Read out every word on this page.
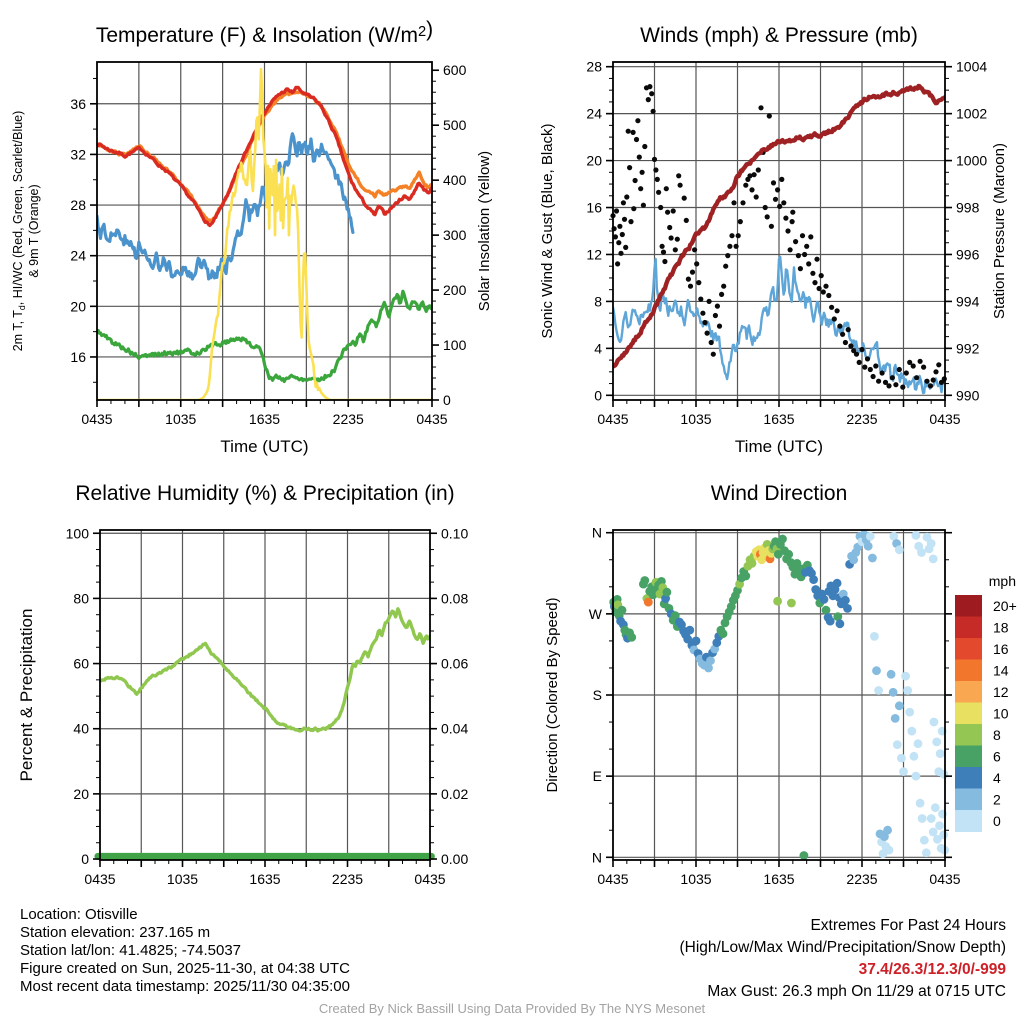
0435	1035	1635	2235	0435
Time (UTC)
16
20
24
28
32
36
0
100
200
300
400
500
600
Temperature (F) & Insolation $(W/m^2)$
2m T, $T_d$, HI/WC (Red, Green, Scarlet/Blue) & 9m T (Orange)	Solar Insolation (Yellow)
0435	1035	1635	2235	0435
Time (UTC)
0
4
8
12
16
20
24
28
990
992
994
996
998
1000
1002
1004
Winds (mph) & Pressure (mb)
Sonic Wind & Gust (Blue, Black)	Station Pressure (Maroon)
0435	1035	1635	2235	0435
0
20
40
60
80
100
0.00
0.02
0.04
0.06
0.08
0.10
Relative Humidity (%) & Precipitation (in)
Percent & Precipitation
0435	1035	1635	2235	0435
N
E
S
W
N
Wind Direction
Direction (Colored By Speed)
mph
20+
18
16
14
12
10
8
6
4
2
0
Location: Otisville
Station elevation: 237.165 m
Station lat/lon: 41.4825; -74.5037
Figure created on Sun, 2025-11-30, at 04:38 UTC
Most recent data timestamp: 2025/11/30 04:35:00
Extremes For Past 24 Hours
(High/Low/Max Wind/Precipitation/Snow Depth)
37.4/26.3/12.3/0/-999
Max Gust: 26.3 mph On 11/29 at 0715 UTC
Created By Nick Bassill Using Data Provided By The NYS Mesonet
